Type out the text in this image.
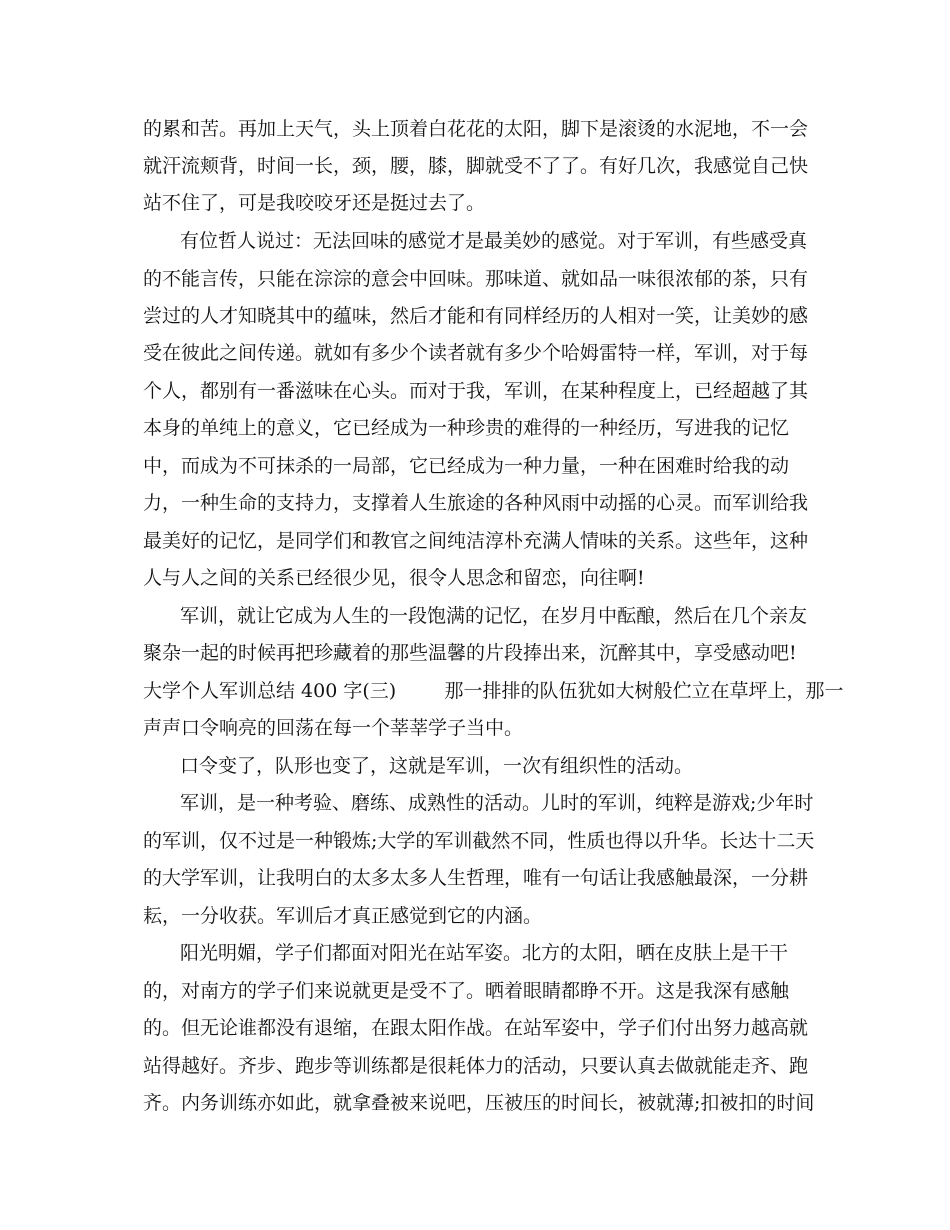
的累和苦。再加上天气，头上顶着白花花的太阳，脚下是滚烫的水泥地，不一会

就汗流颊背，时间一长，颈，腰，膝，脚就受不了了。有好几次，我感觉自己快

站不住了，可是我咬咬牙还是挺过去了。

有位哲人说过：无法回味的感觉才是最美妙的感觉。对于军训，有些感受真

的不能言传，只能在淙淙的意会中回味。那味道、就如品一味很浓郁的茶，只有

尝过的人才知晓其中的蕴味，然后才能和有同样经历的人相对一笑，让美妙的感

受在彼此之间传递。就如有多少个读者就有多少个哈姆雷特一样，军训，对于每

个人，都别有一番滋味在心头。而对于我，军训，在某种程度上，已经超越了其

本身的单纯上的意义，它已经成为一种珍贵的难得的一种经历，写进我的记忆

中，而成为不可抹杀的一局部，它已经成为一种力量，一种在困难时给我的动

力，一种生命的支持力，支撑着人生旅途的各种风雨中动摇的心灵。而军训给我

最美好的记忆，是同学们和教官之间纯洁淳朴充满人情味的关系。这些年，这种

人与人之间的关系已经很少见，很令人思念和留恋，向往啊!

军训，就让它成为人生的一段饱满的记忆，在岁月中酝酿，然后在几个亲友

聚杂一起的时候再把珍藏着的那些温馨的片段捧出来，沉醉其中，享受感动吧!

大学个人军训总结 400 字(三)        那一排排的队伍犹如大树般伫立在草坪上，那一

声声口令响亮的回荡在每一个莘莘学子当中。

口令变了，队形也变了，这就是军训，一次有组织性的活动。

军训，是一种考验、磨练、成熟性的活动。儿时的军训，纯粹是游戏;少年时

的军训，仅不过是一种锻炼;大学的军训截然不同，性质也得以升华。长达十二天

的大学军训，让我明白的太多太多人生哲理，唯有一句话让我感触最深，一分耕

耘，一分收获。军训后才真正感觉到它的内涵。

阳光明媚，学子们都面对阳光在站军姿。北方的太阳，晒在皮肤上是干干

的，对南方的学子们来说就更是受不了。晒着眼睛都睁不开。这是我深有感触

的。但无论谁都没有退缩，在跟太阳作战。在站军姿中，学子们付出努力越高就

站得越好。齐步、跑步等训练都是很耗体力的活动，只要认真去做就能走齐、跑

齐。内务训练亦如此，就拿叠被来说吧，压被压的时间长，被就薄;扣被扣的时间
